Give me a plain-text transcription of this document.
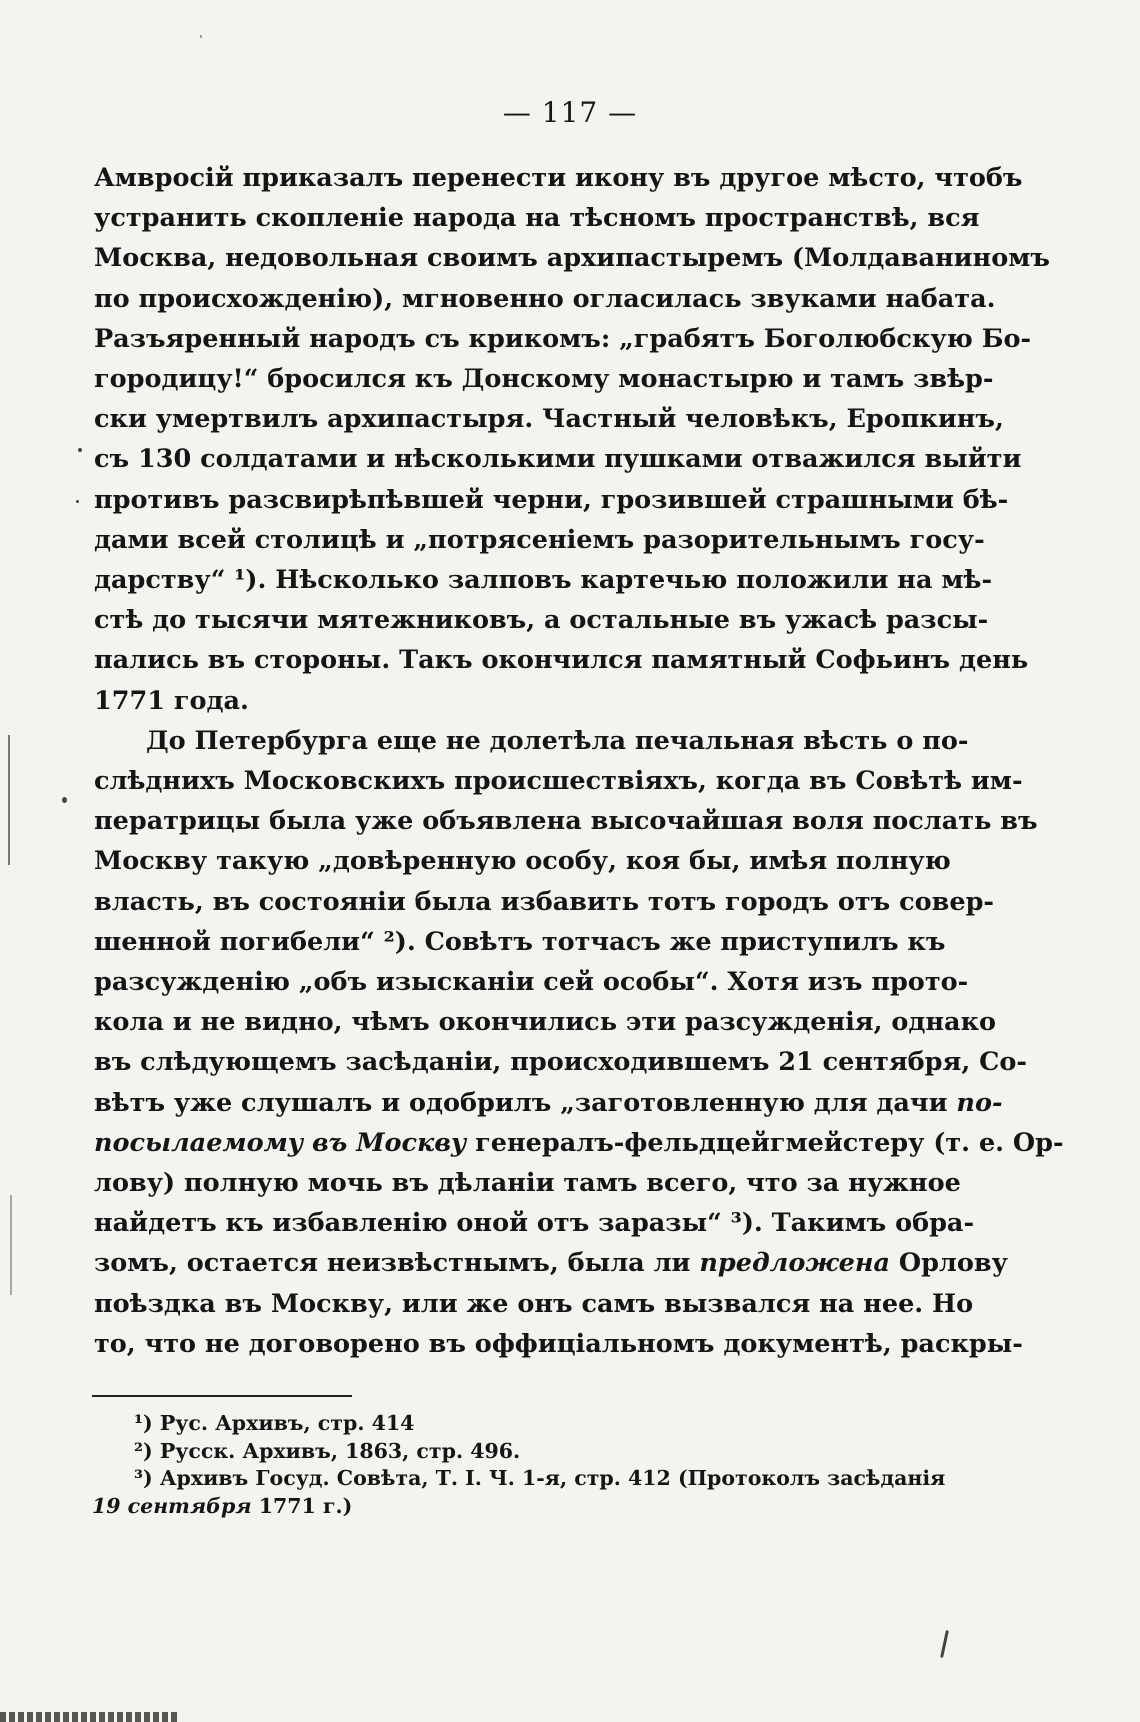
— 117 —
Амвросій приказалъ перенести икону въ другое мѣсто, чтобъ
устранить скопленіе народа на тѣсномъ пространствѣ, вся
Москва, недовольная своимъ архипастыремъ (Молдаваниномъ
по происхожденію), мгновенно огласилась звуками набата.
Разъяренный народъ съ крикомъ: „грабятъ Боголюбскую Бо-
городицу!“ бросился къ Донскому монастырю и тамъ звѣр-
ски умертвилъ архипастыря. Частный человѣкъ, Еропкинъ,
съ 130 солдатами и нѣсколькими пушками отважился выйти
противъ разсвирѣпѣвшей черни, грозившей страшными бѣ-
дами всей столицѣ и „потрясеніемъ разорительнымъ госу-
дарству“ ¹). Нѣсколько залповъ картечью положили на мѣ-
стѣ до тысячи мятежниковъ, а остальные въ ужасѣ разсы-
пались въ стороны. Такъ окончился памятный Софьинъ день
1771 года.
До Петербурга еще не долетѣла печальная вѣсть о по-
слѣднихъ Московскихъ происшествіяхъ, когда въ Совѣтѣ им-
ператрицы была уже объявлена высочайшая воля послать въ
Москву такую „довѣренную особу, коя бы, имѣя полную
власть, въ состояніи была избавить тотъ городъ отъ совер-
шенной погибели“ ²). Совѣтъ тотчасъ же приступилъ къ
разсужденію „объ изысканіи сей особы“. Хотя изъ прото-
кола и не видно, чѣмъ окончились эти разсужденія, однако
въ слѣдующемъ засѣданіи, происходившемъ 21 сентября, Со-
вѣтъ уже слушалъ и одобрилъ „заготовленную для дачи по-
посылаемому въ Москву генералъ-фельдцейгмейстеру (т. е. Ор-
лову) полную мочь въ дѣланіи тамъ всего, что за нужное
найдетъ къ избавленію оной отъ заразы“ ³). Такимъ обра-
зомъ, остается неизвѣстнымъ, была ли предложена Орлову
поѣздка въ Москву, или же онъ самъ вызвался на нее. Но
то, что не договорено въ оффиціальномъ документѣ, раскры-
¹) Рус. Архивъ, стр. 414
²) Русск. Архивъ, 1863, стр. 496.
³) Архивъ Госуд. Совѣта, Т. I. Ч. 1-я, стр. 412 (Протоколъ засѣданія
19 сентября 1771 г.)
